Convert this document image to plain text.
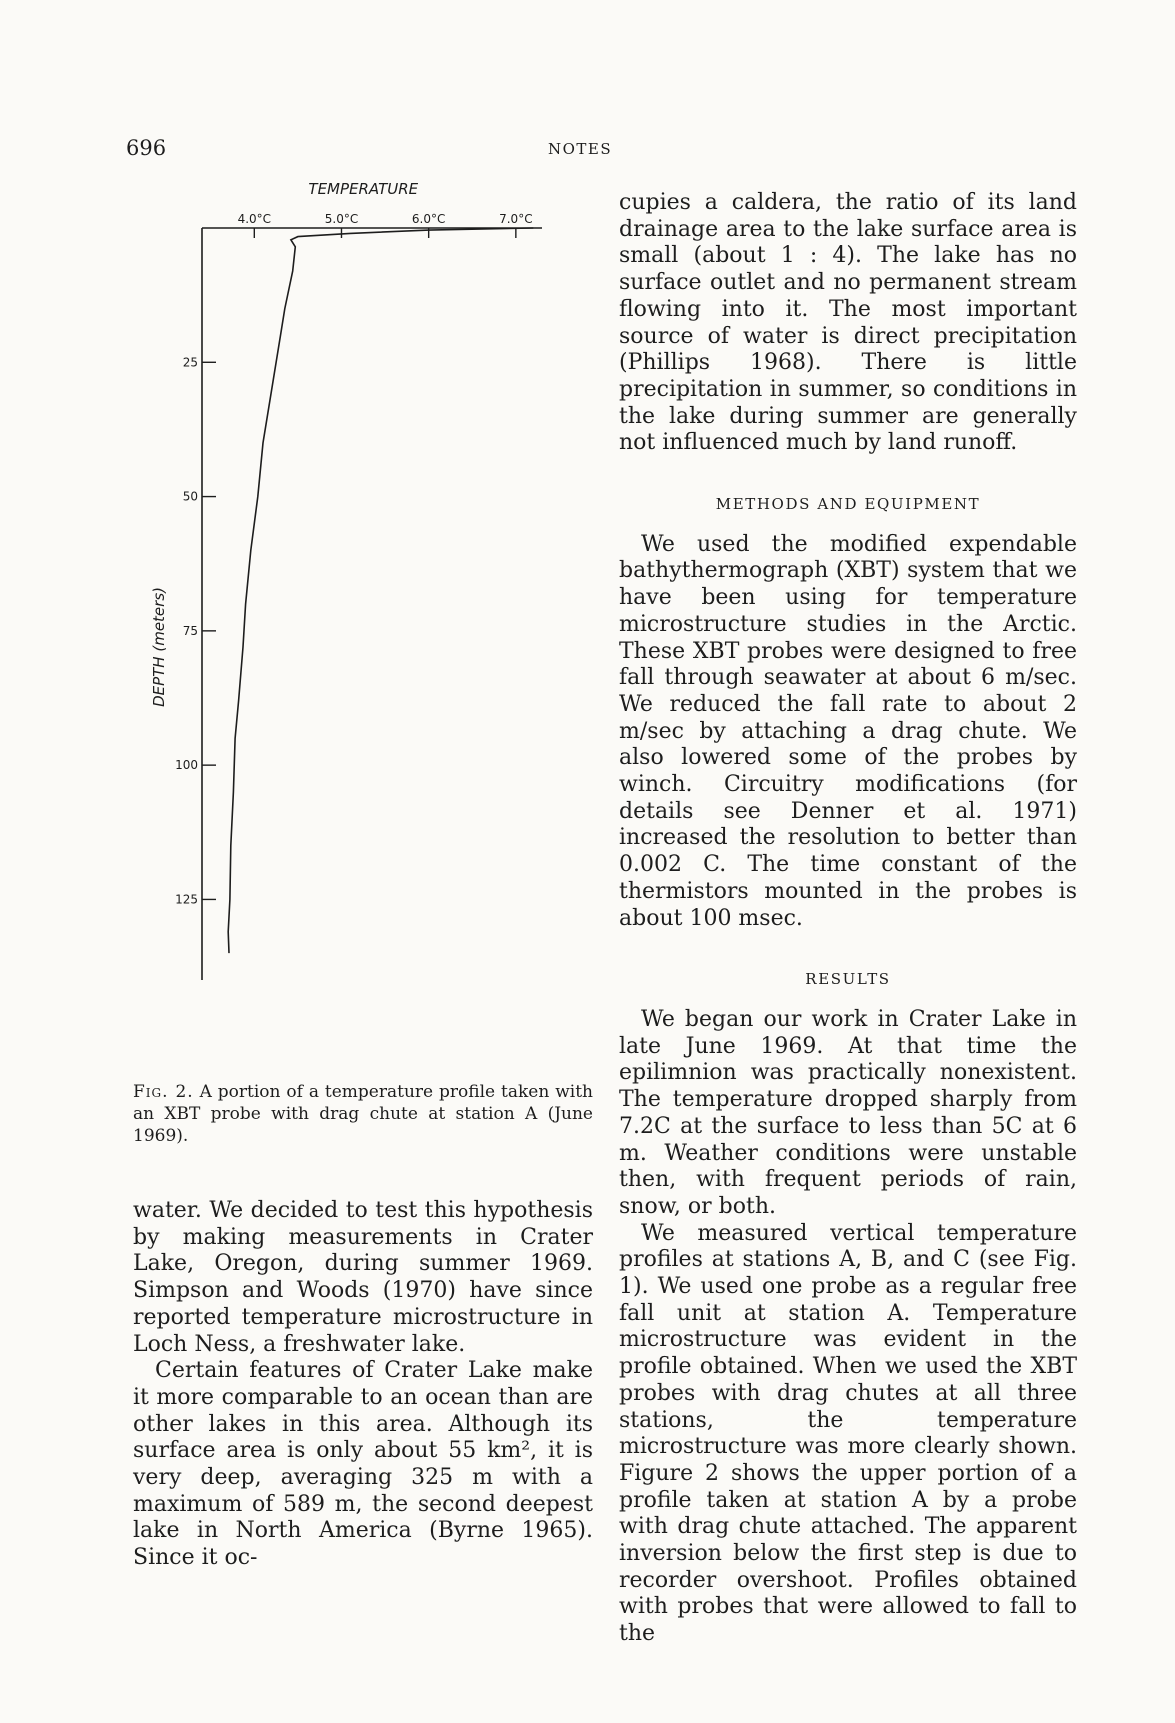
696	NOTES
TEMPERATURE
DEPTH (meters)
4.0°C	5.0°C	6.0°C	7.0°C
25
50
75
100
125
Fig. 2. A portion of a temperature profile taken with an XBT probe with drag chute at station A (June 1969).

water. We decided to test this hypothesis by making measurements in Crater Lake, Oregon, during summer 1969. Simpson and Woods (1970) have since reported temperature microstructure in Loch Ness, a freshwater lake.

Certain features of Crater Lake make it more comparable to an ocean than are other lakes in this area. Although its surface area is only about 55 km², it is very deep, averaging 325 m with a maximum of 589 m, the second deepest lake in North America (Byrne 1965). Since it oc-

cupies a caldera, the ratio of its land drainage area to the lake surface area is small (about 1 : 4). The lake has no surface outlet and no permanent stream flowing into it. The most important source of water is direct precipitation (Phillips 1968). There is little precipitation in summer, so conditions in the lake during summer are generally not influenced much by land runoff.

METHODS AND EQUIPMENT

We used the modified expendable bathythermograph (XBT) system that we have been using for temperature microstructure studies in the Arctic. These XBT probes were designed to free fall through seawater at about 6 m/sec. We reduced the fall rate to about 2 m/sec by attaching a drag chute. We also lowered some of the probes by winch. Circuitry modifications (for details see Denner et al. 1971) increased the resolution to better than 0.002 C. The time constant of the thermistors mounted in the probes is about 100 msec.

RESULTS

We began our work in Crater Lake in late June 1969. At that time the epilimnion was practically nonexistent. The temperature dropped sharply from 7.2C at the surface to less than 5C at 6 m. Weather conditions were unstable then, with frequent periods of rain, snow, or both.

We measured vertical temperature profiles at stations A, B, and C (see Fig. 1). We used one probe as a regular free fall unit at station A. Temperature microstructure was evident in the profile obtained. When we used the XBT probes with drag chutes at all three stations, the temperature microstructure was more clearly shown. Figure 2 shows the upper portion of a profile taken at station A by a probe with drag chute attached. The apparent inversion below the first step is due to recorder overshoot. Profiles obtained with probes that were allowed to fall to the
